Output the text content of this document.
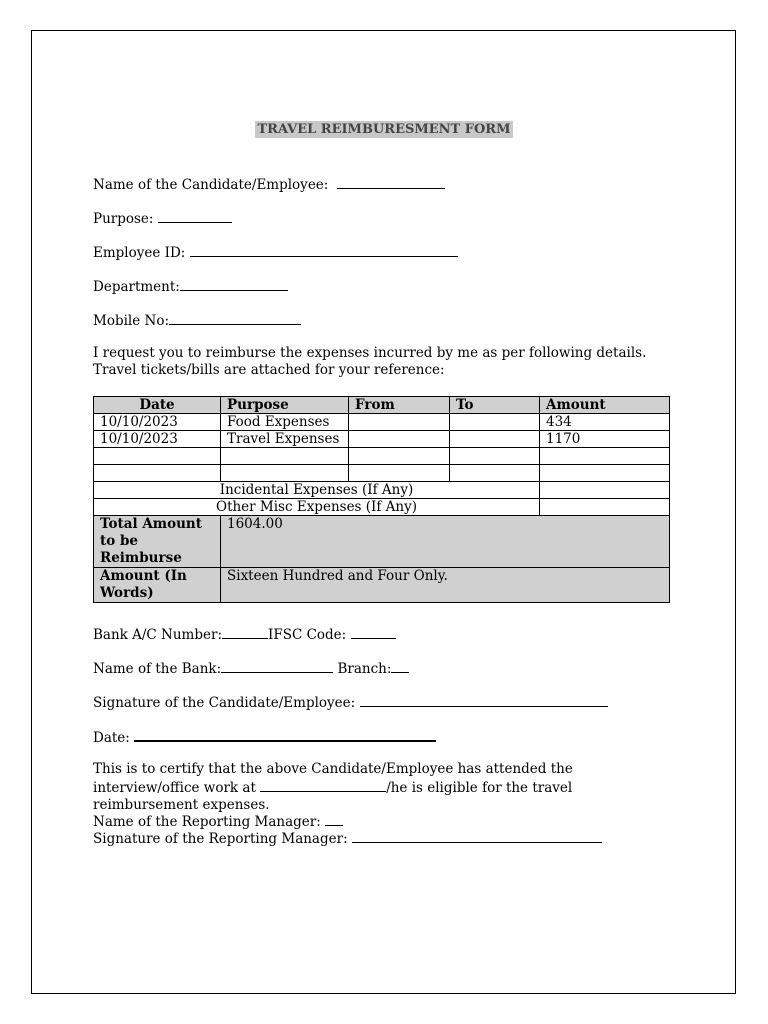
TRAVEL REIMBURESMENT FORM
Name of the Candidate/Employee:
Purpose:
Employee ID:
Department:
Mobile No:
I request you to reimburse the expenses incurred by me as per following details. Travel tickets/bills are attached for your reference:
Date	Purpose	From	To	Amount
10/10/2023	Food Expenses			434
10/10/2023	Travel Expenses			1170

Incidental Expenses (If Any)				
Other Misc Expenses (If Any)				
Total Amount to be Reimburse	1604.00			
Amount (In Words)	Sixteen Hundred and Four Only.			
Bank A/C Number:	IFSC Code:
Name of the Bank:	Branch:
Signature of the Candidate/Employee:
Date:
This is to certify that the above Candidate/Employee has attended the interview/office work at	/he is eligible for the travel reimbursement expenses.
Name of the Reporting Manager:
Signature of the Reporting Manager:
